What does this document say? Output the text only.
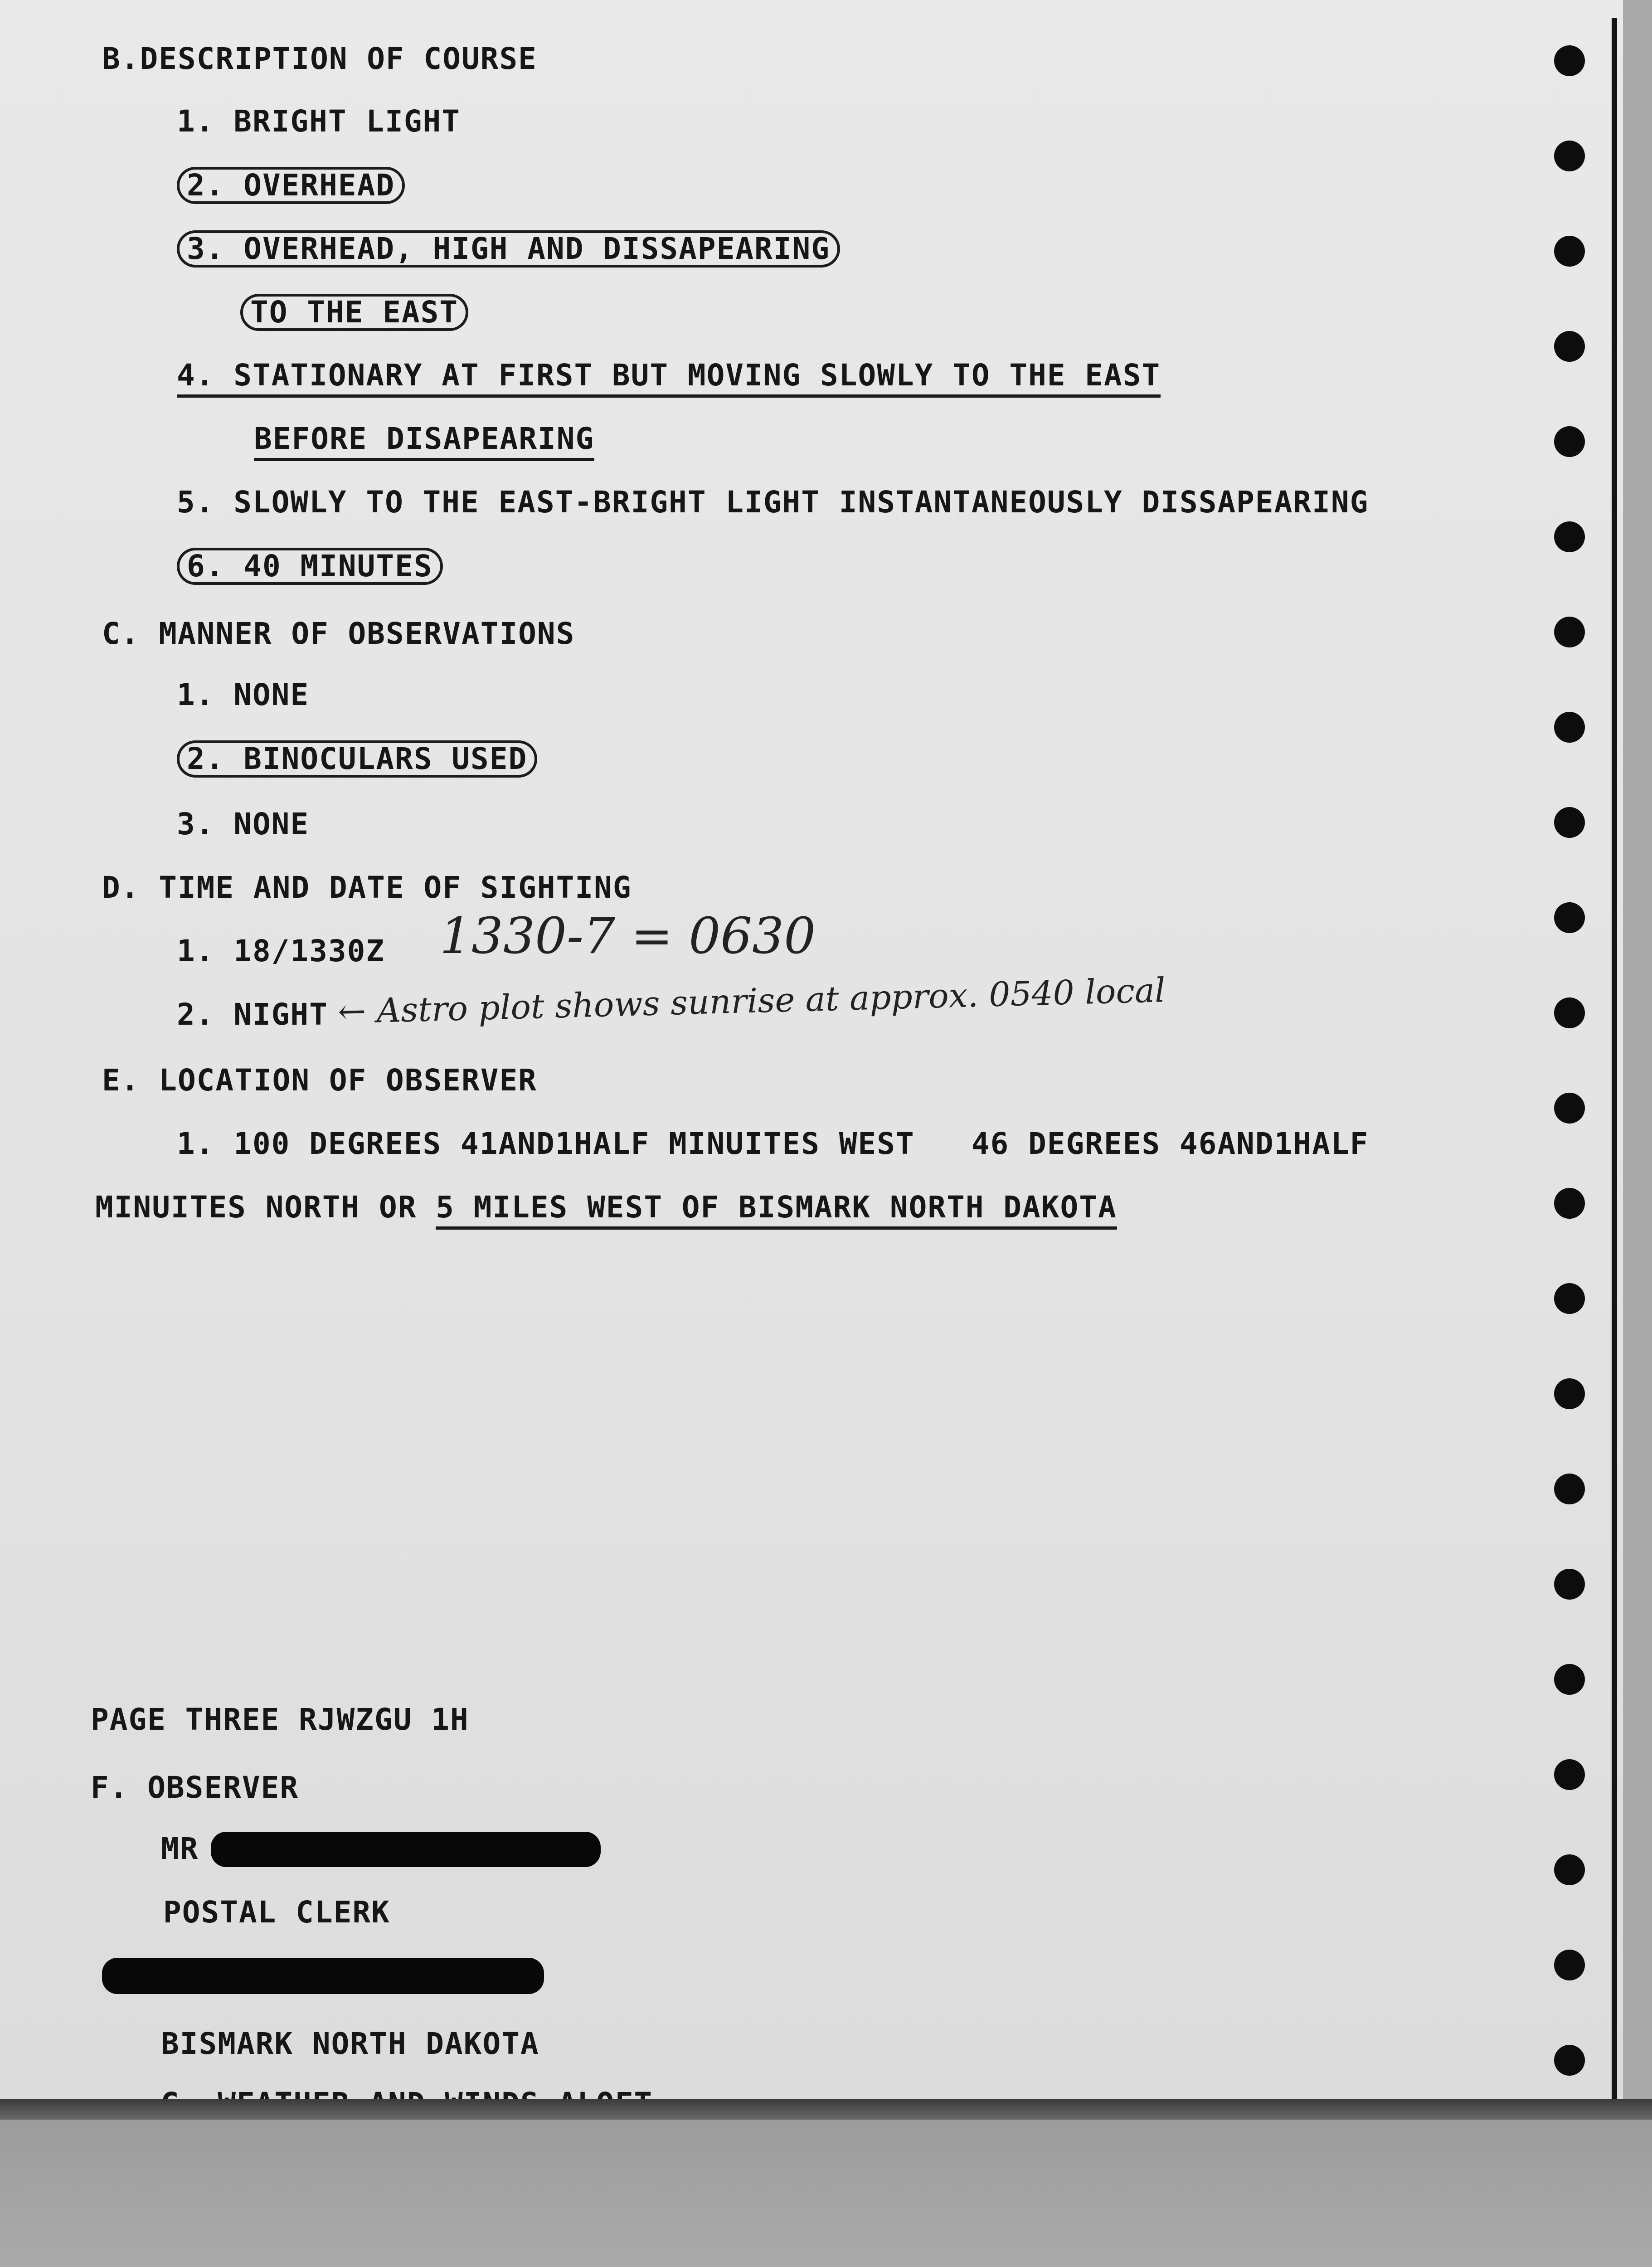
B.DESCRIPTION OF COURSE

1. BRIGHT LIGHT

2. OVERHEAD

3. OVERHEAD, HIGH AND DISSAPEARING

TO THE EAST

4. STATIONARY AT FIRST BUT MOVING SLOWLY TO THE EAST

BEFORE DISAPEARING

5. SLOWLY TO THE EAST-BRIGHT LIGHT INSTANTANEOUSLY DISSAPEARING

6. 40 MINUTES

C. MANNER OF OBSERVATIONS

1. NONE

2. BINOCULARS USED

3. NONE

D. TIME AND DATE OF SIGHTING

1. 18/1330Z 1330-7 = 0630

2. NIGHT ← Astro plot shows sunrise at approx. 0540 local

E. LOCATION OF OBSERVER

1. 100 DEGREES 41AND1HALF MINUITES WEST   46 DEGREES 46AND1HALF

MINUITES NORTH OR 5 MILES WEST OF BISMARK NORTH DAKOTA

PAGE THREE RJWZGU 1H

F. OBSERVER

MR

POSTAL CLERK

BISMARK NORTH DAKOTA
